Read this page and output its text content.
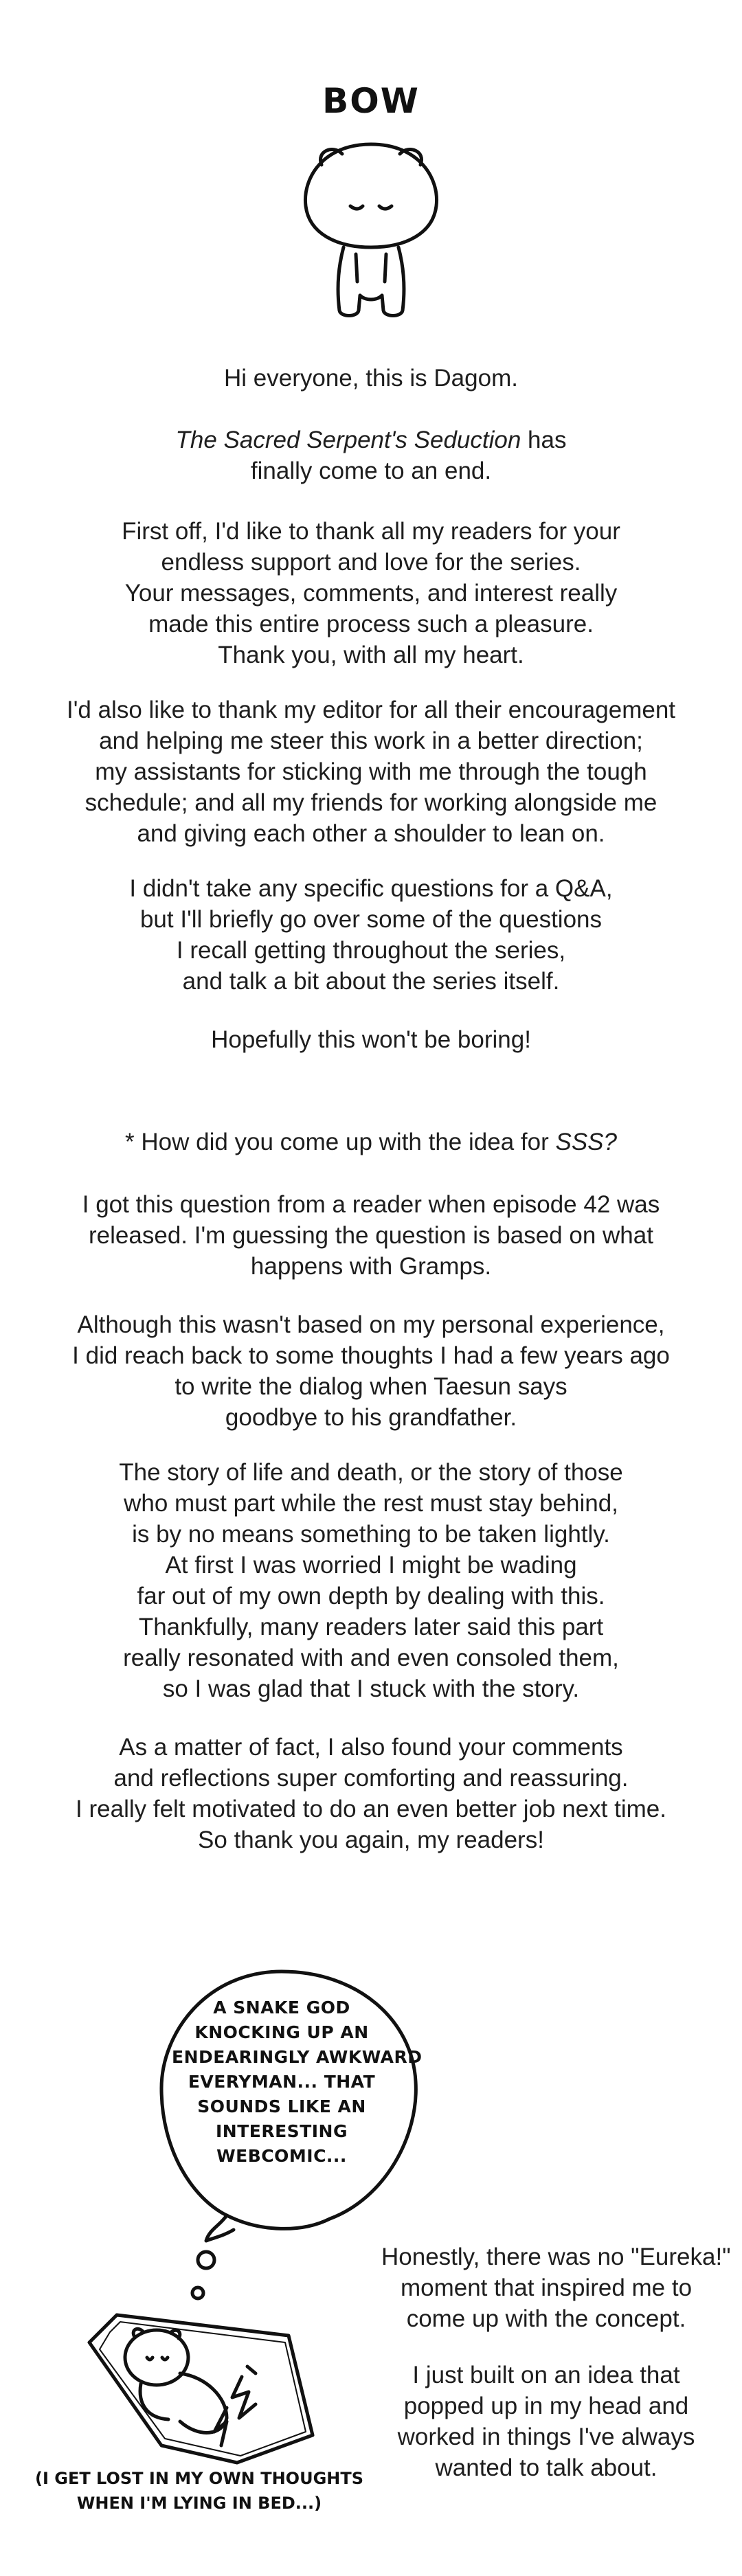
BOW
Hi everyone, this is Dagom.
The Sacred Serpent's Seduction has
finally come to an end.
First off, I'd like to thank all my readers for your
endless support and love for the series.
Your messages, comments, and interest really
made this entire process such a pleasure.
Thank you, with all my heart.
I'd also like to thank my editor for all their encouragement
and helping me steer this work in a better direction;
my assistants for sticking with me through the tough
schedule; and all my friends for working alongside me
and giving each other a shoulder to lean on.
I didn't take any specific questions for a Q&A,
but I'll briefly go over some of the questions
I recall getting throughout the series,
and talk a bit about the series itself.
Hopefully this won't be boring!
* How did you come up with the idea for SSS?
I got this question from a reader when episode 42 was
released. I'm guessing the question is based on what
happens with Gramps.
Although this wasn't based on my personal experience,
I did reach back to some thoughts I had a few years ago
to write the dialog when Taesun says
goodbye to his grandfather.
The story of life and death, or the story of those
who must part while the rest must stay behind,
is by no means something to be taken lightly.
At first I was worried I might be wading
far out of my own depth by dealing with this.
Thankfully, many readers later said this part
really resonated with and even consoled them,
so I was glad that I stuck with the story.
As a matter of fact, I also found your comments
and reflections super comforting and reassuring.
I really felt motivated to do an even better job next time.
So thank you again, my readers!
A SNAKE GOD
KNOCKING UP AN
ENDEARINGLY AWKWARD
EVERYMAN... THAT
SOUNDS LIKE AN
INTERESTING
WEBCOMIC...
(I GET LOST IN MY OWN THOUGHTS
WHEN I'M LYING IN BED...)
Honestly, there was no "Eureka!"
moment that inspired me to
come up with the concept.
I just built on an idea that
popped up in my head and
worked in things I've always
wanted to talk about.
